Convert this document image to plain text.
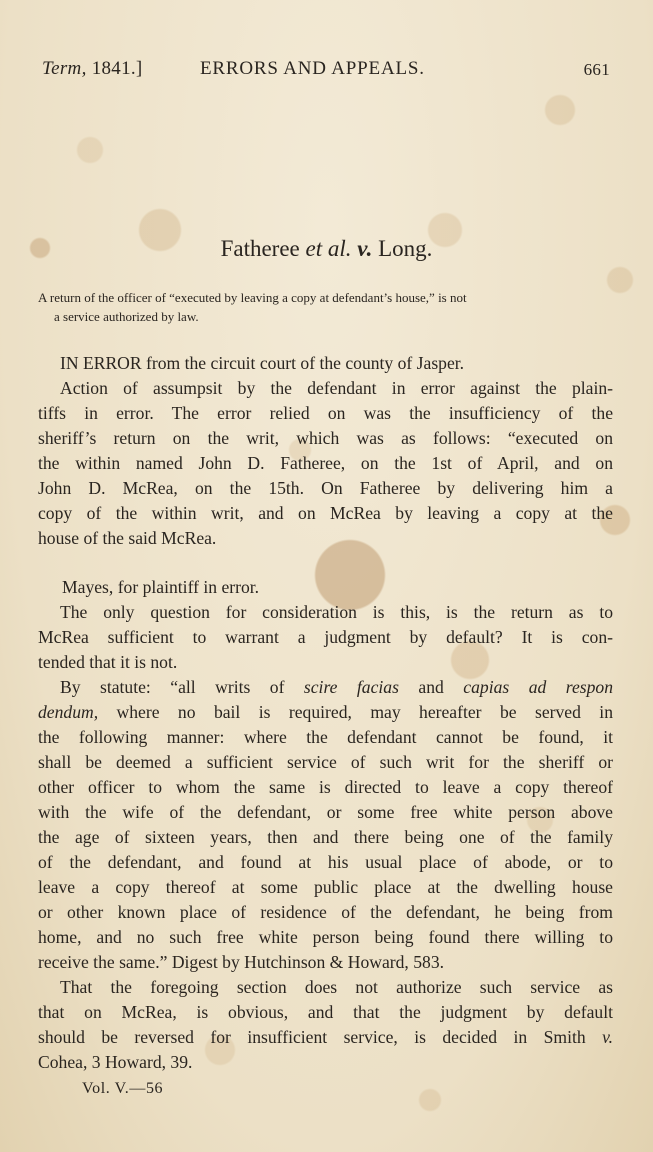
Term, 1841.]	ERRORS AND APPEALS.	661
Fatheree et al. v. Long.
A return of the officer of “executed by leaving a copy at defendant’s house,” is not
a service authorized by law.
IN ERROR from the circuit court of the county of Jasper.
Action of assumpsit by the defendant in error against the plain-
tiffs in error. The error relied on was the insufficiency of the
sheriff’s return on the writ, which was as follows: “executed on
the within named John D. Fatheree, on the 1st of April, and on
John D. McRea, on the 15th. On Fatheree by delivering him a
copy of the within writ, and on McRea by leaving a copy at the
house of the said McRea.
Mayes, for plaintiff in error.
The only question for consideration is this, is the return as to
McRea sufficient to warrant a judgment by default? It is con-
tended that it is not.
By statute: “all writs of scire facias and capias ad respon
dendum, where no bail is required, may hereafter be served in
the following manner: where the defendant cannot be found, it
shall be deemed a sufficient service of such writ for the sheriff or
other officer to whom the same is directed to leave a copy thereof
with the wife of the defendant, or some free white person above
the age of sixteen years, then and there being one of the family
of the defendant, and found at his usual place of abode, or to
leave a copy thereof at some public place at the dwelling house
or other known place of residence of the defendant, he being from
home, and no such free white person being found there willing to
receive the same.” Digest by Hutchinson & Howard, 583.
That the foregoing section does not authorize such service as
that on McRea, is obvious, and that the judgment by default
should be reversed for insufficient service, is decided in Smith v.
Cohea, 3 Howard, 39.
Vol. V.—56
